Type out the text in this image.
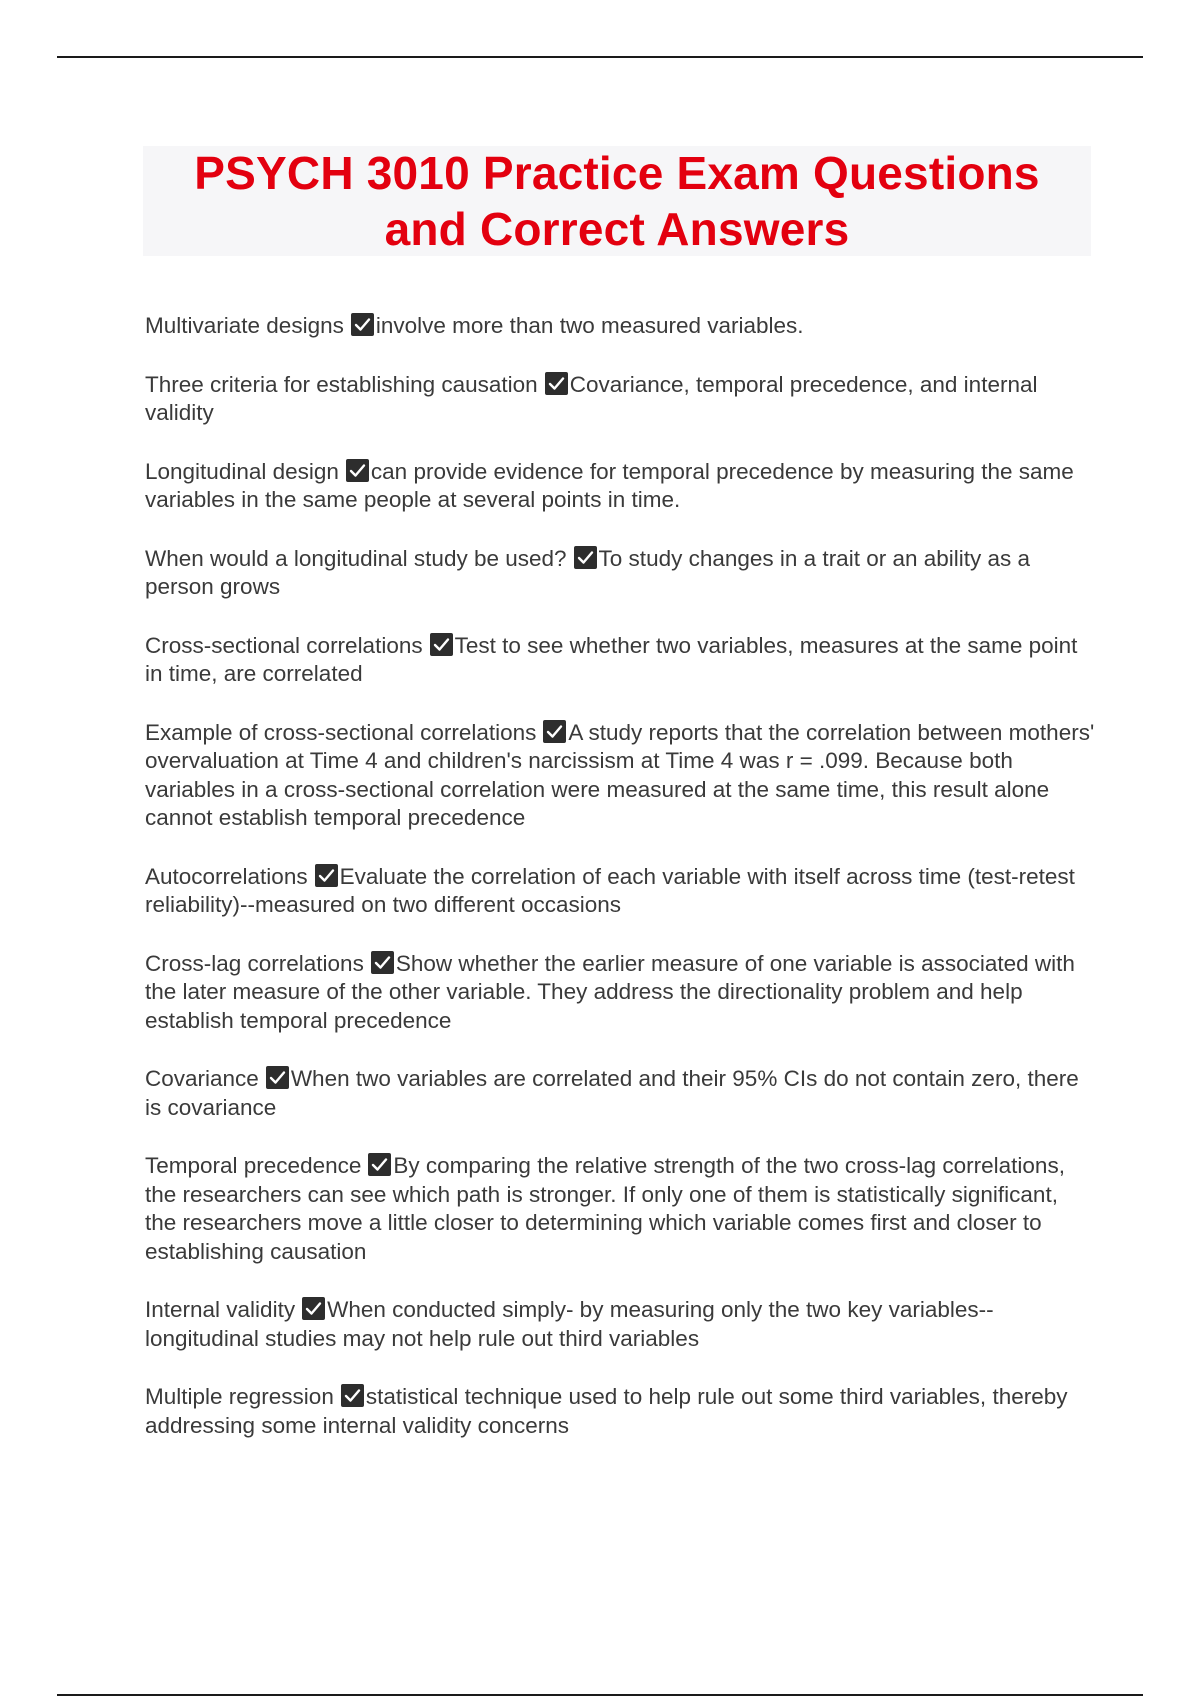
PSYCH 3010 Practice Exam Questions
and Correct Answers
Multivariate designs involve more than two measured variables.
Three criteria for establishing causation Covariance, temporal precedence, and internal validity
Longitudinal design can provide evidence for temporal precedence by measuring the same variables in the same people at several points in time.
When would a longitudinal study be used? To study changes in a trait or an ability as a person grows
Cross-sectional correlations Test to see whether two variables, measures at the same point in time, are correlated
Example of cross-sectional correlations A study reports that the correlation between mothers' overvaluation at Time 4 and children's narcissism at Time 4 was r = .099. Because both variables in a cross-sectional correlation were measured at the same time, this result alone cannot establish temporal precedence
Autocorrelations Evaluate the correlation of each variable with itself across time (test-retest reliability)--measured on two different occasions
Cross-lag correlations Show whether the earlier measure of one variable is associated with the later measure of the other variable. They address the directionality problem and help establish temporal precedence
Covariance When two variables are correlated and their 95% CIs do not contain zero, there is covariance
Temporal precedence By comparing the relative strength of the two cross-lag correlations, the researchers can see which path is stronger. If only one of them is statistically significant, the researchers move a little closer to determining which variable comes first and closer to establishing causation
Internal validity When conducted simply- by measuring only the two key variables--longitudinal studies may not help rule out third variables
Multiple regression statistical technique used to help rule out some third variables, thereby addressing some internal validity concerns
